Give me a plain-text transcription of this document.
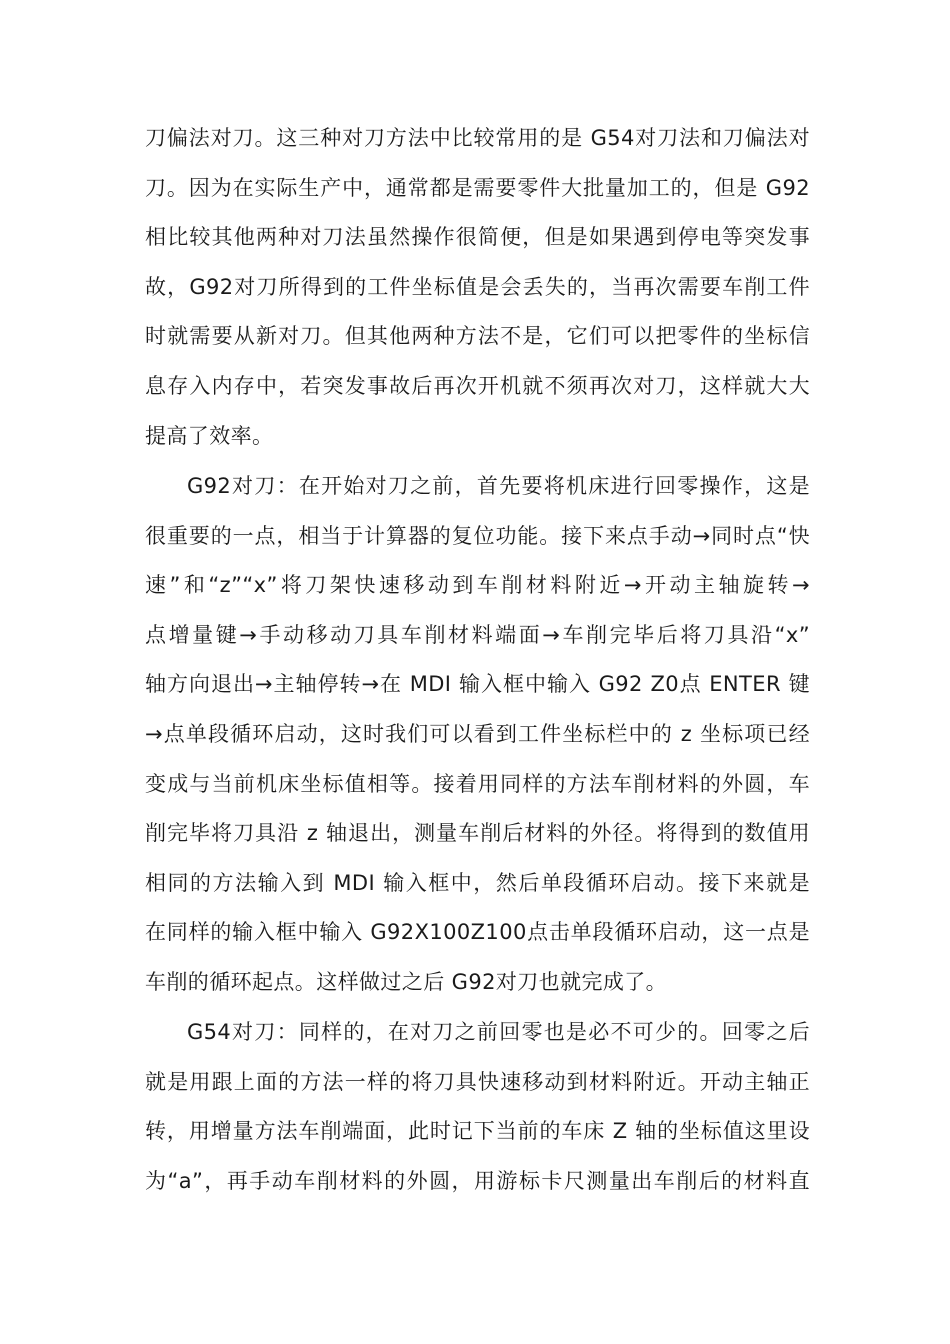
刀偏法对刀。这三种对刀方法中比较常用的是 G54对刀法和刀偏法对
刀。因为在实际生产中，通常都是需要零件大批量加工的，但是 G92
相比较其他两种对刀法虽然操作很简便，但是如果遇到停电等突发事
故，G92对刀所得到的工件坐标值是会丢失的，当再次需要车削工件
时就需要从新对刀。但其他两种方法不是，它们可以把零件的坐标信
息存入内存中，若突发事故后再次开机就不须再次对刀，这样就大大
提高了效率。
G92对刀：在开始对刀之前，首先要将机床进行回零操作，这是
很重要的一点，相当于计算器的复位功能。接下来点手动→同时点“快
速”和“z”“x”将刀架快速移动到车削材料附近→开动主轴旋转→
点增量键→手动移动刀具车削材料端面→车削完毕后将刀具沿“x”
轴方向退出→主轴停转→在 MDI 输入框中输入 G92 Z0点 ENTER 键
→点单段循环启动，这时我们可以看到工件坐标栏中的 z 坐标项已经
变成与当前机床坐标值相等。接着用同样的方法车削材料的外圆，车
削完毕将刀具沿 z 轴退出，测量车削后材料的外径。将得到的数值用
相同的方法输入到 MDI 输入框中，然后单段循环启动。接下来就是
在同样的输入框中输入 G92X100Z100点击单段循环启动，这一点是
车削的循环起点。这样做过之后 G92对刀也就完成了。
G54对刀：同样的，在对刀之前回零也是必不可少的。回零之后
就是用跟上面的方法一样的将刀具快速移动到材料附近。开动主轴正
转，用增量方法车削端面，此时记下当前的车床 Z 轴的坐标值这里设
为“a”，再手动车削材料的外圆，用游标卡尺测量出车削后的材料直
